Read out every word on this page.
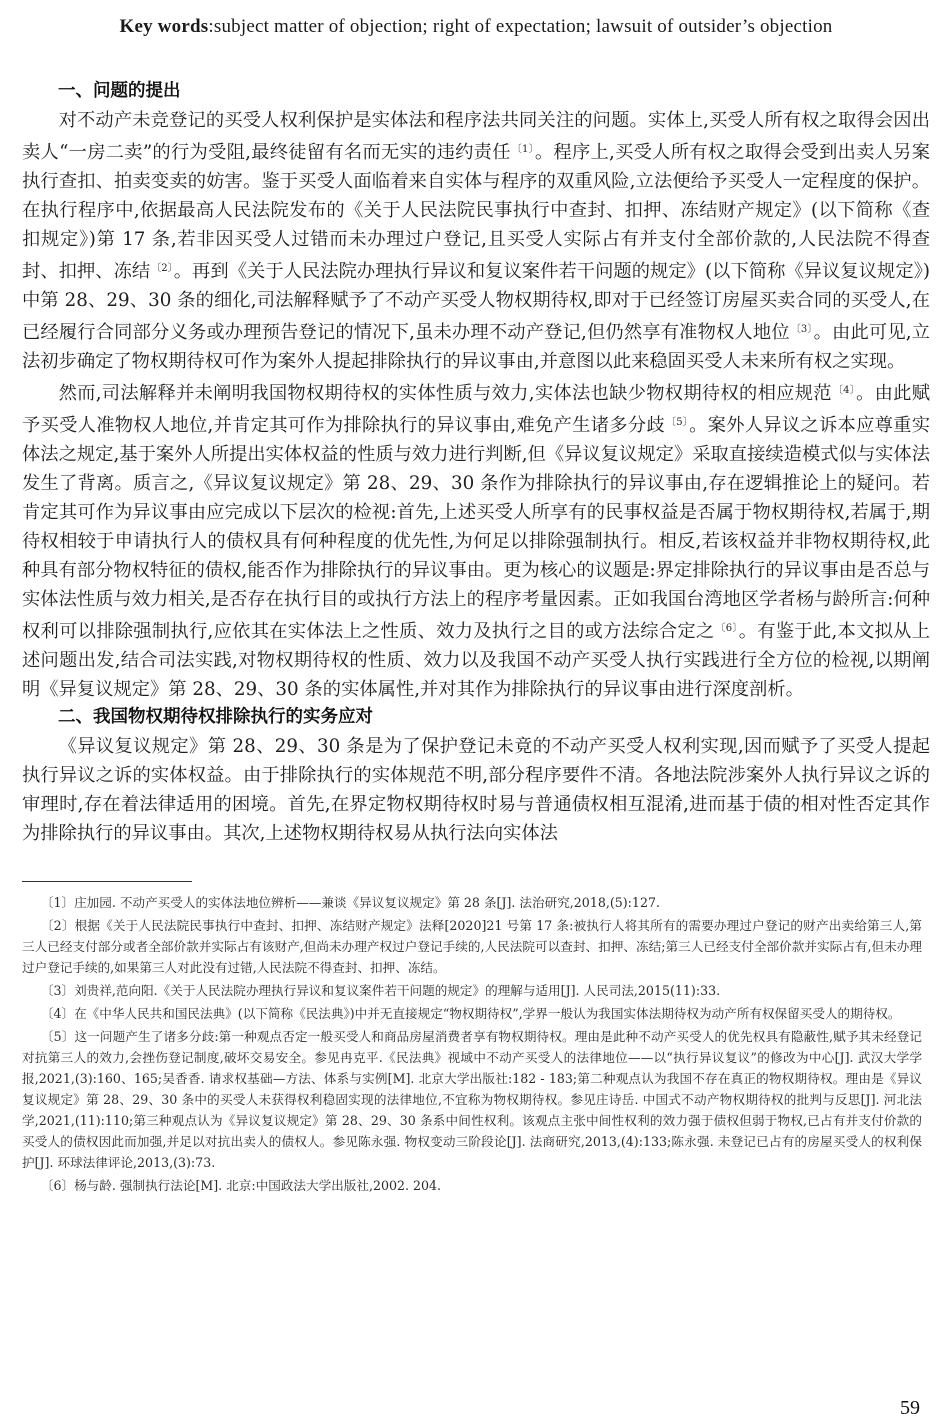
Key words:subject matter of objection; right of expectation; lawsuit of outsider’s objection
一、问题的提出

对不动产未竞登记的买受人权利保护是实体法和程序法共同关注的问题。实体上,买受人所有权之取得会因出卖人“一房二卖”的行为受阻,最终徒留有名而无实的违约责任$^{〔1〕}$。程序上,买受人所有权之取得会受到出卖人另案执行查扣、拍卖变卖的妨害。鉴于买受人面临着来自实体与程序的双重风险,立法便给予买受人一定程度的保护。在执行程序中,依据最高人民法院发布的《关于人民法院民事执行中查封、扣押、冻结财产规定》(以下简称《查扣规定》)第 17 条,若非因买受人过错而未办理过户登记,且买受人实际占有并支付全部价款的,人民法院不得查封、扣押、冻结$^{〔2〕}$。再到《关于人民法院办理执行异议和复议案件若干问题的规定》(以下简称《异议复议规定》)中第 28、29、30 条的细化,司法解释赋予了不动产买受人物权期待权,即对于已经签订房屋买卖合同的买受人,在已经履行合同部分义务或办理预告登记的情况下,虽未办理不动产登记,但仍然享有准物权人地位$^{〔3〕}$。由此可见,立法初步确定了物权期待权可作为案外人提起排除执行的异议事由,并意图以此来稳固买受人未来所有权之实现。

然而,司法解释并未阐明我国物权期待权的实体性质与效力,实体法也缺少物权期待权的相应规范$^{〔4〕}$。由此赋予买受人准物权人地位,并肯定其可作为排除执行的异议事由,难免产生诸多分歧$^{〔5〕}$。案外人异议之诉本应尊重实体法之规定,基于案外人所提出实体权益的性质与效力进行判断,但《异议复议规定》采取直接续造模式似与实体法发生了背离。质言之,《异议复议规定》第 28、29、30 条作为排除执行的异议事由,存在逻辑推论上的疑问。若肯定其可作为异议事由应完成以下层次的检视:首先,上述买受人所享有的民事权益是否属于物权期待权,若属于,期待权相较于申请执行人的债权具有何种程度的优先性,为何足以排除强制执行。相反,若该权益并非物权期待权,此种具有部分物权特征的债权,能否作为排除执行的异议事由。更为核心的议题是:界定排除执行的异议事由是否总与实体法性质与效力相关,是否存在执行目的或执行方法上的程序考量因素。正如我国台湾地区学者杨与龄所言:何种权利可以排除强制执行,应依其在实体法上之性质、效力及执行之目的或方法综合定之$^{〔6〕}$。有鉴于此,本文拟从上述问题出发,结合司法实践,对物权期待权的性质、效力以及我国不动产买受人执行实践进行全方位的检视,以期阐明《异复议规定》第 28、29、30 条的实体属性,并对其作为排除执行的异议事由进行深度剖析。

二、我国物权期待权排除执行的实务应对

《异议复议规定》第 28、29、30 条是为了保护登记未竟的不动产买受人权利实现,因而赋予了买受人提起执行异议之诉的实体权益。由于排除执行的实体规范不明,部分程序要件不清。各地法院涉案外人执行异议之诉的审理时,存在着法律适用的困境。首先,在界定物权期待权时易与普通债权相互混淆,进而基于债的相对性否定其作为排除执行的异议事由。其次,上述物权期待权易从执行法向实体法

〔1〕庄加园. 不动产买受人的实体法地位辨析——兼谈《异议复议规定》第 28 条[J]. 法治研究,2018,(5):127.

〔2〕根据《关于人民法院民事执行中查封、扣押、冻结财产规定》法释[2020]21 号第 17 条:被执行人将其所有的需要办理过户登记的财产出卖给第三人,第三人已经支付部分或者全部价款并实际占有该财产,但尚未办理产权过户登记手续的,人民法院可以查封、扣押、冻结;第三人已经支付全部价款并实际占有,但未办理过户登记手续的,如果第三人对此没有过错,人民法院不得查封、扣押、冻结。

〔3〕刘贵祥,范向阳.《关于人民法院办理执行异议和复议案件若干问题的规定》的理解与适用[J]. 人民司法,2015(11):33.

〔4〕在《中华人民共和国民法典》(以下简称《民法典》)中并无直接规定“物权期待权”,学界一般认为我国实体法期待权为动产所有权保留买受人的期待权。

〔5〕这一问题产生了诸多分歧:第一种观点否定一般买受人和商品房屋消费者享有物权期待权。理由是此种不动产买受人的优先权具有隐蔽性,赋予其未经登记对抗第三人的效力,会挫伤登记制度,破坏交易安全。参见冉克平.《民法典》视域中不动产买受人的法律地位——以“执行异议复议”的修改为中心[J]. 武汉大学学报,2021,(3):160、165;吴香香. 请求权基础—方法、体系与实例[M]. 北京大学出版社:182 - 183;第二种观点认为我国不存在真正的物权期待权。理由是《异议复议规定》第 28、29、30 条中的买受人未获得权利稳固实现的法律地位,不宜称为物权期待权。参见庄诗岳. 中国式不动产物权期待权的批判与反思[J]. 河北法学,2021,(11):110;第三种观点认为《异议复议规定》第 28、29、30 条系中间性权利。该观点主张中间性权利的效力强于债权但弱于物权,已占有并支付价款的买受人的债权因此而加强,并足以对抗出卖人的债权人。参见陈永强. 物权变动三阶段论[J]. 法商研究,2013,(4):133;陈永强. 未登记已占有的房屋买受人的权利保护[J]. 环球法律评论,2013,(3):73.

〔6〕杨与龄. 强制执行法论[M]. 北京:中国政法大学出版社,2002. 204.

59
